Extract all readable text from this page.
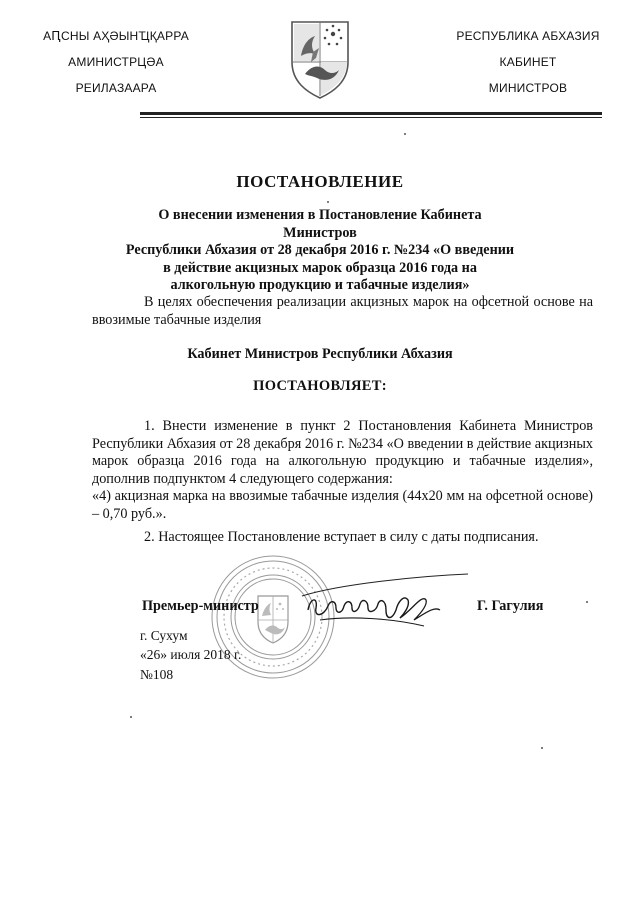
АԤСНЫ АҲӘЫНҴҚАРРА
АМИНИСТРЦӘА
РЕИЛАЗААРА
РЕСПУБЛИКА АБХАЗИЯ
КАБИНЕТ
МИНИСТРОВ
ПОСТАНОВЛЕНИЕ
О внесении изменения в Постановление Кабинета Министров
Республики Абхазия от 28 декабря 2016 г. №234 «О введении
в действие акцизных марок образца 2016 года на
алкогольную продукцию и табачные изделия»
В целях обеспечения реализации акцизных марок на офсетной основе на ввозимые табачные изделия
Кабинет Министров Республики Абхазия
ПОСТАНОВЛЯЕТ:
1. Внести изменение в пункт 2 Постановления Кабинета Министров Республики Абхазия от 28 декабря 2016 г. №234 «О введении в действие акцизных марок образца 2016 года на алкогольную продукцию и табачные изделия», дополнив подпунктом 4 следующего содержания:
«4) акцизная марка на ввозимые табачные изделия (44х20 мм на офсетной основе) – 0,70 руб.».
2. Настоящее Постановление вступает в силу с даты подписания.
Премьер-министр	Г. Гагулия
г. Сухум
«26» июля 2018 г.
№108
